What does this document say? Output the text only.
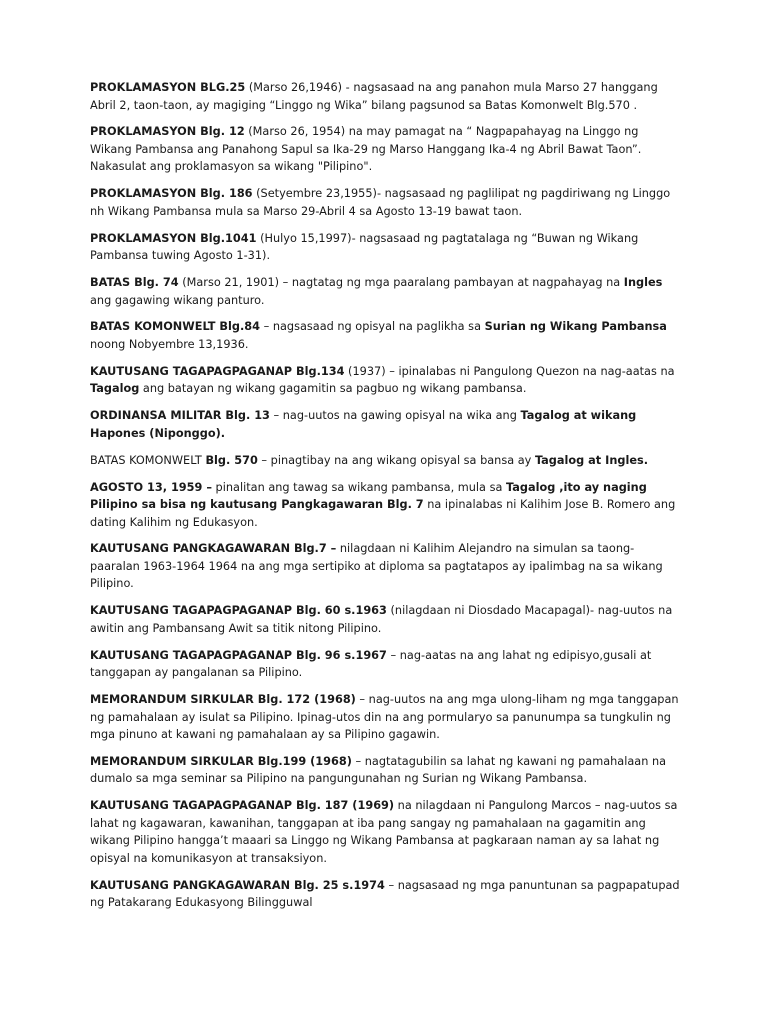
PROKLAMASYON BLG.25 (Marso 26,1946) - nagsasaad na ang panahon mula Marso 27 hanggang Abril 2, taon-taon, ay magiging “Linggo ng Wika” bilang pagsunod sa Batas Komonwelt Blg.570 .

PROKLAMASYON Blg. 12 (Marso 26, 1954) na may pamagat na “ Nagpapahayag na Linggo ng Wikang Pambansa ang Panahong Sapul sa Ika-29 ng Marso Hanggang Ika-4 ng Abril Bawat Taon”. Nakasulat ang proklamasyon sa wikang "Pilipino".

PROKLAMASYON Blg. 186 (Setyembre 23,1955)- nagsasaad ng paglilipat ng pagdiriwang ng Linggo nh Wikang Pambansa mula sa Marso 29-Abril 4 sa Agosto 13-19 bawat taon.

PROKLAMASYON Blg.1041 (Hulyo 15,1997)- nagsasaad ng pagtatalaga ng “Buwan ng Wikang Pambansa tuwing Agosto 1-31).

BATAS Blg. 74 (Marso 21, 1901) – nagtatag ng mga paaralang pambayan at nagpahayag na Ingles ang gagawing wikang panturo.

BATAS KOMONWELT Blg.84 – nagsasaad ng opisyal na paglikha sa Surian ng Wikang Pambansa noong Nobyembre 13,1936.

KAUTUSANG TAGAPAGPAGANAP Blg.134 (1937) – ipinalabas ni Pangulong Quezon na nag-aatas na Tagalog ang batayan ng wikang gagamitin sa pagbuo ng wikang pambansa.

ORDINANSA MILITAR Blg. 13 – nag-uutos na gawing opisyal na wika ang Tagalog at wikang Hapones (Niponggo).

BATAS KOMONWELT Blg. 570 – pinagtibay na ang wikang opisyal sa bansa ay Tagalog at Ingles.

AGOSTO 13, 1959 – pinalitan ang tawag sa wikang pambansa, mula sa Tagalog ,ito ay naging Pilipino sa bisa ng kautusang Pangkagawaran Blg. 7 na ipinalabas ni Kalihim Jose B. Romero ang dating Kalihim ng Edukasyon.

KAUTUSANG PANGKAGAWARAN Blg.7 – nilagdaan ni Kalihim Alejandro na simulan sa taong-paaralan 1963-1964 1964 na ang mga sertipiko at diploma sa pagtatapos ay ipalimbag na sa wikang Pilipino.

KAUTUSANG TAGAPAGPAGANAP Blg. 60 s.1963 (nilagdaan ni Diosdado Macapagal)- nag-uutos na awitin ang Pambansang Awit sa titik nitong Pilipino.

KAUTUSANG TAGAPAGPAGANAP Blg. 96 s.1967 – nag-aatas na ang lahat ng edipisyo,gusali at tanggapan ay pangalanan sa Pilipino.

MEMORANDUM SIRKULAR Blg. 172 (1968) – nag-uutos na ang mga ulong-liham ng mga tanggapan ng pamahalaan ay isulat sa Pilipino. Ipinag-utos din na ang pormularyo sa panunumpa sa tungkulin ng mga pinuno at kawani ng pamahalaan ay sa Pilipino gagawin.

MEMORANDUM SIRKULAR Blg.199 (1968) – nagtatagubilin sa lahat ng kawani ng pamahalaan na dumalo sa mga seminar sa Pilipino na pangungunahan ng Surian ng Wikang Pambansa.

KAUTUSANG TAGAPAGPAGANAP Blg. 187 (1969) na nilagdaan ni Pangulong Marcos – nag-uutos sa lahat ng kagawaran, kawanihan, tanggapan at iba pang sangay ng pamahalaan na gagamitin ang wikang Pilipino hangga’t maaari sa Linggo ng Wikang Pambansa at pagkaraan naman ay sa lahat ng opisyal na komunikasyon at transaksiyon.

KAUTUSANG PANGKAGAWARAN Blg. 25 s.1974 – nagsasaad ng mga panuntunan sa pagpapatupad ng Patakarang Edukasyong Bilingguwal
